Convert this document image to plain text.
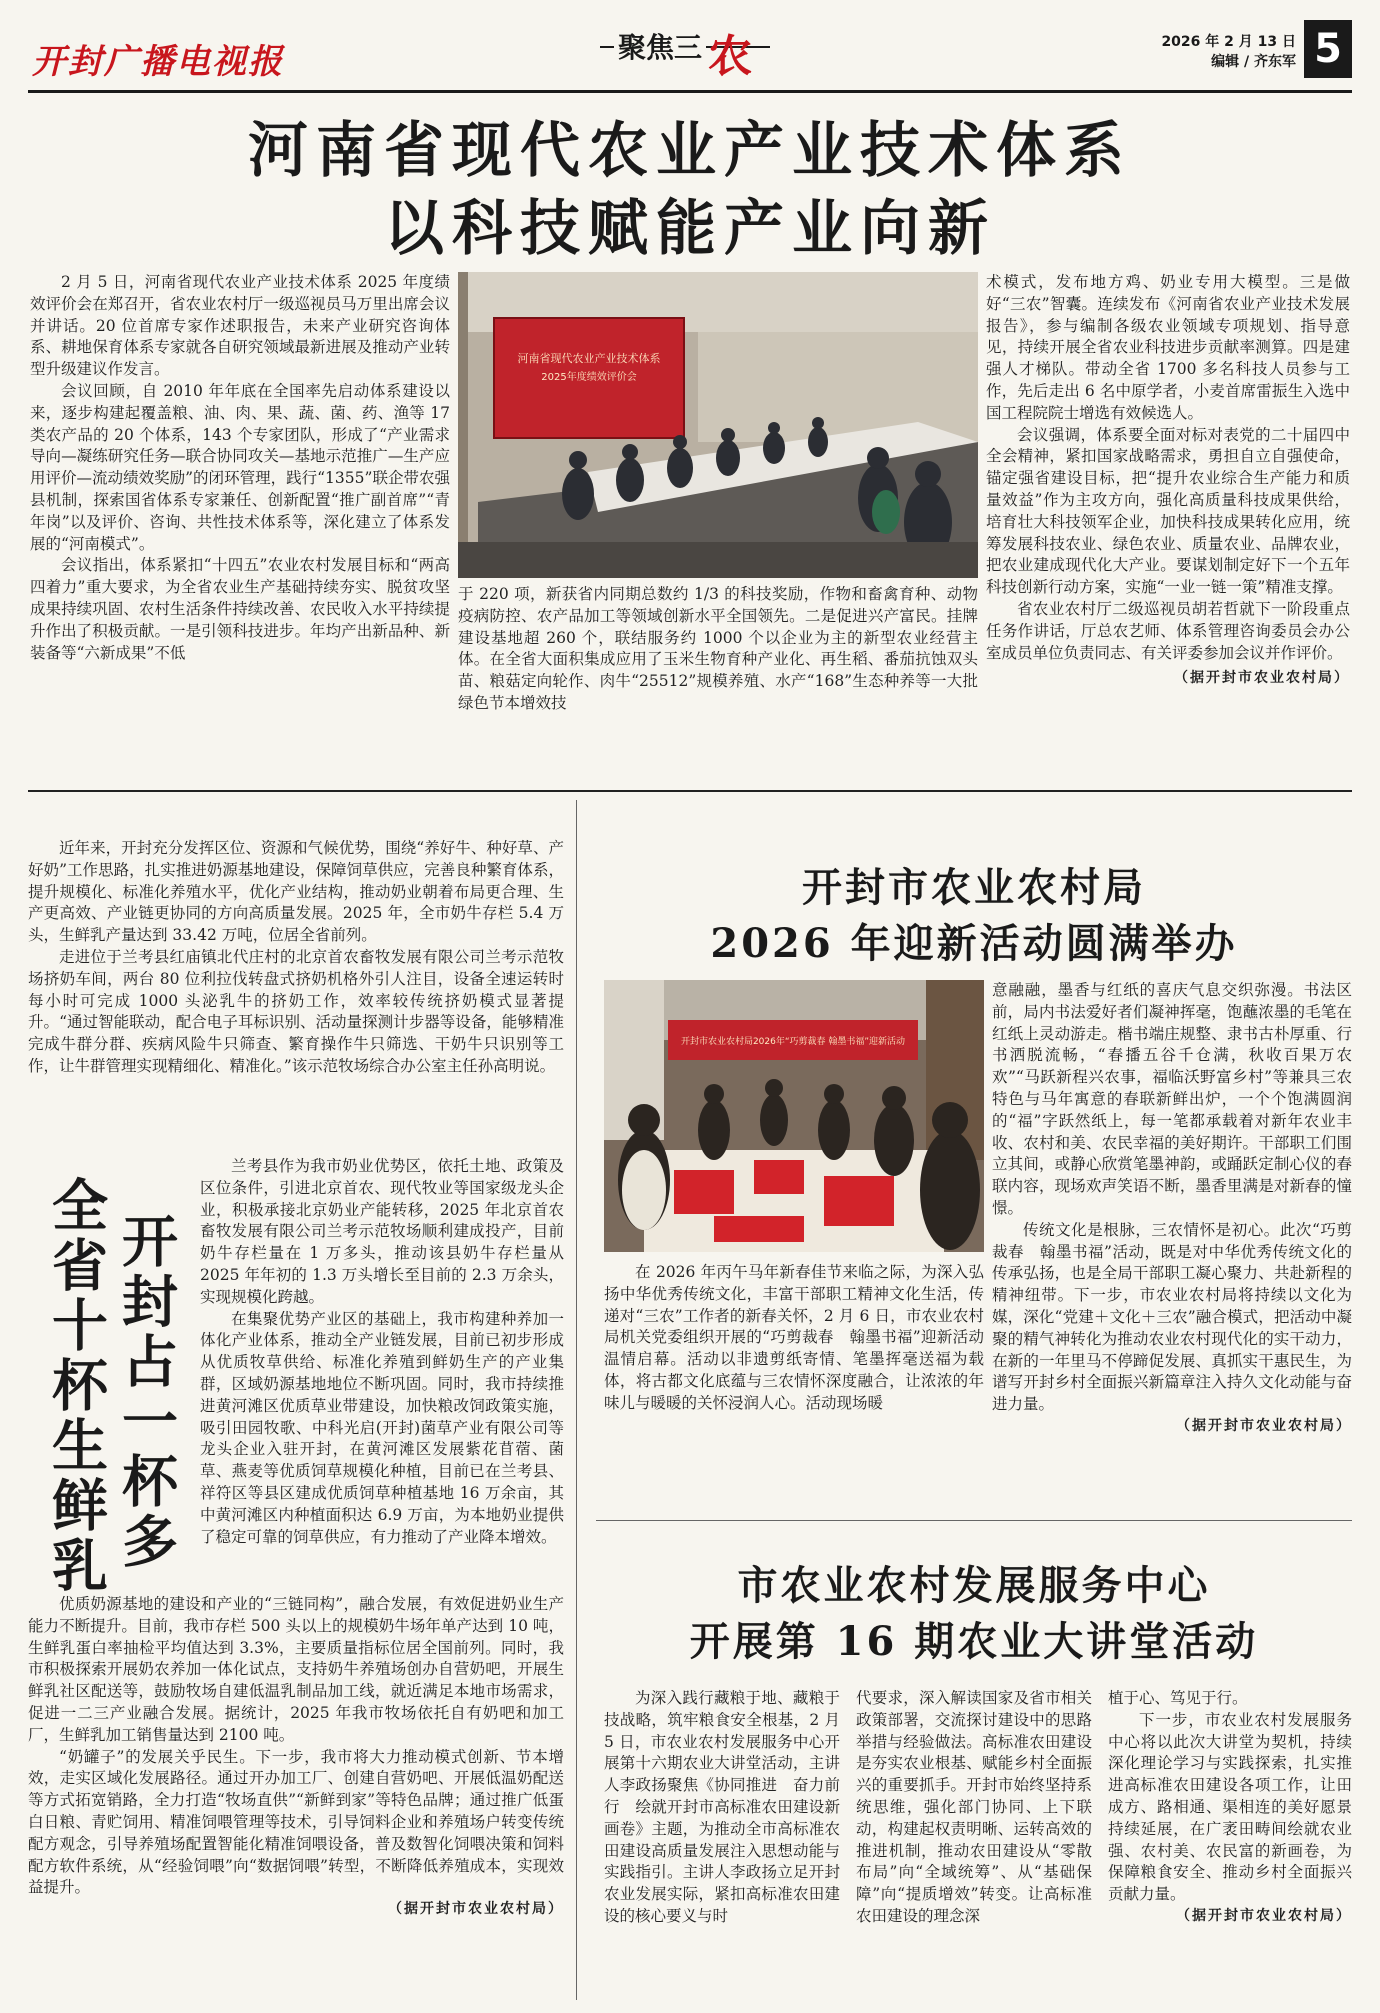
开封广播电视报	聚焦三 农	2026 年 2 月 13 日
编辑 / 齐东军 5
河南省现代农业产业技术体系
以科技赋能产业向新

2 月 5 日，河南省现代农业产业技术体系 2025 年度绩效评价会在郑召开，省农业农村厅一级巡视员马万里出席会议并讲话。20 位首席专家作述职报告，未来产业研究咨询体系、耕地保育体系专家就各自研究领域最新进展及推动产业转型升级建议作发言。

会议回顾，自 2010 年年底在全国率先启动体系建设以来，逐步构建起覆盖粮、油、肉、果、蔬、菌、药、渔等 17 类农产品的 20 个体系，143 个专家团队，形成了“产业需求导向—凝练研究任务—联合协同攻关—基地示范推广—生产应用评价—流动绩效奖励”的闭环管理，践行“1355”联企带农强县机制，探索国省体系专家兼任、创新配置“推广副首席”“青年岗”以及评价、咨询、共性技术体系等，深化建立了体系发展的“河南模式”。

会议指出，体系紧扣“十四五”农业农村发展目标和“两高四着力”重大要求，为全省农业生产基础持续夯实、脱贫攻坚成果持续巩固、农村生活条件持续改善、农民收入水平持续提升作出了积极贡献。一是引领科技进步。年均产出新品种、新装备等“六新成果”不低

河南省现代农业产业技术体系
2025年度绩效评价会

于 220 项，新获省内同期总数约 1/3 的科技奖励，作物和畜禽育种、动物疫病防控、农产品加工等领域创新水平全国领先。二是促进兴产富民。挂牌建设基地超 260 个，联结服务约 1000 个以企业为主的新型农业经营主体。在全省大面积集成应用了玉米生物育种产业化、再生稻、番茄抗蚀双头苗、粮菇定向轮作、肉牛“25512”规模养殖、水产“168”生态种养等一大批绿色节本增效技

术模式，发布地方鸡、奶业专用大模型。三是做好“三农”智囊。连续发布《河南省农业产业技术发展报告》，参与编制各级农业领域专项规划、指导意见，持续开展全省农业科技进步贡献率测算。四是建强人才梯队。带动全省 1700 多名科技人员参与工作，先后走出 6 名中原学者，小麦首席雷振生入选中国工程院院士增选有效候选人。

会议强调，体系要全面对标对表党的二十届四中全会精神，紧扣国家战略需求，勇担自立自强使命，锚定强省建设目标，把“提升农业综合生产能力和质量效益”作为主攻方向，强化高质量科技成果供给，培育壮大科技领军企业，加快科技成果转化应用，统筹发展科技农业、绿色农业、质量农业、品牌农业，把农业建成现代化大产业。要谋划制定好下一个五年科技创新行动方案，实施“一业一链一策”精准支撑。

省农业农村厅二级巡视员胡若哲就下一阶段重点任务作讲话，厅总农艺师、体系管理咨询委员会办公室成员单位负责同志、有关评委参加会议并作评价。

（据开封市农业农村局）

近年来，开封充分发挥区位、资源和气候优势，围绕“养好牛、种好草、产好奶”工作思路，扎实推进奶源基地建设，保障饲草供应，完善良种繁育体系，提升规模化、标准化养殖水平，优化产业结构，推动奶业朝着布局更合理、生产更高效、产业链更协同的方向高质量发展。2025 年，全市奶牛存栏 5.4 万头，生鲜乳产量达到 33.42 万吨，位居全省前列。

走进位于兰考县红庙镇北代庄村的北京首农畜牧发展有限公司兰考示范牧场挤奶车间，两台 80 位利拉伐转盘式挤奶机格外引人注目，设备全速运转时每小时可完成 1000 头泌乳牛的挤奶工作，效率较传统挤奶模式显著提升。“通过智能联动，配合电子耳标识别、活动量探测计步器等设备，能够精准完成牛群分群、疾病风险牛只筛查、繁育操作牛只筛选、干奶牛只识别等工作，让牛群管理实现精细化、精准化。”该示范牧场综合办公室主任孙高明说。

开封占一杯多
全省十杯生鲜乳

兰考县作为我市奶业优势区，依托土地、政策及区位条件，引进北京首农、现代牧业等国家级龙头企业，积极承接北京奶业产能转移，2025 年北京首农畜牧发展有限公司兰考示范牧场顺利建成投产，目前奶牛存栏量在 1 万多头，推动该县奶牛存栏量从 2025 年年初的 1.3 万头增长至目前的 2.3 万余头，实现规模化跨越。

在集聚优势产业区的基础上，我市构建种养加一体化产业体系，推动全产业链发展，目前已初步形成从优质牧草供给、标准化养殖到鲜奶生产的产业集群，区域奶源基地地位不断巩固。同时，我市持续推进黄河滩区优质草业带建设，加快粮改饲政策实施，吸引田园牧歌、中科光启(开封)菌草产业有限公司等龙头企业入驻开封，在黄河滩区发展紫花苜蓿、菌草、燕麦等优质饲草规模化种植，目前已在兰考县、祥符区等县区建成优质饲草种植基地 16 万余亩，其中黄河滩区内种植面积达 6.9 万亩，为本地奶业提供了稳定可靠的饲草供应，有力推动了产业降本增效。

优质奶源基地的建设和产业的“三链同构”，融合发展，有效促进奶业生产能力不断提升。目前，我市存栏 500 头以上的规模奶牛场年单产达到 10 吨，生鲜乳蛋白率抽检平均值达到 3.3%，主要质量指标位居全国前列。同时，我市积极探索开展奶农养加一体化试点，支持奶牛养殖场创办自营奶吧，开展生鲜乳社区配送等，鼓励牧场自建低温乳制品加工线，就近满足本地市场需求，促进一二三产业融合发展。据统计，2025 年我市牧场依托自有奶吧和加工厂，生鲜乳加工销售量达到 2100 吨。

“奶罐子”的发展关乎民生。下一步，我市将大力推动模式创新、节本增效，走实区域化发展路径。通过开办加工厂、创建自营奶吧、开展低温奶配送等方式拓宽销路，全力打造“牧场直供”“新鲜到家”等特色品牌；通过推广低蛋白日粮、青贮饲用、精准饲喂管理等技术，引导饲料企业和养殖场户转变传统配方观念，引导养殖场配置智能化精准饲喂设备，普及数智化饲喂决策和饲料配方软件系统，从“经验饲喂”向“数据饲喂”转型，不断降低养殖成本，实现效益提升。

（据开封市农业农村局）
开封市农业农村局
2026 年迎新活动圆满举办
开封市农业农村局2026年“巧剪裁春 翰墨书福”迎新活动

在 2026 年丙午马年新春佳节来临之际，为深入弘扬中华优秀传统文化，丰富干部职工精神文化生活，传递对“三农”工作者的新春关怀，2 月 6 日，市农业农村局机关党委组织开展的“巧剪裁春　翰墨书福”迎新活动温情启幕。活动以非遗剪纸寄情、笔墨挥毫送福为载体，将古都文化底蕴与三农情怀深度融合，让浓浓的年味儿与暖暖的关怀浸润人心。活动现场暖

意融融，墨香与红纸的喜庆气息交织弥漫。书法区前，局内书法爱好者们凝神挥毫，饱蘸浓墨的毛笔在红纸上灵动游走。楷书端庄规整、隶书古朴厚重、行书洒脱流畅，“春播五谷千仓满，秋收百果万农欢”“马跃新程兴农事，福临沃野富乡村”等兼具三农特色与马年寓意的春联新鲜出炉，一个个饱满圆润的“福”字跃然纸上，每一笔都承载着对新年农业丰收、农村和美、农民幸福的美好期许。干部职工们围立其间，或静心欣赏笔墨神韵，或踊跃定制心仪的春联内容，现场欢声笑语不断，墨香里满是对新春的憧憬。

传统文化是根脉，三农情怀是初心。此次“巧剪裁春　翰墨书福”活动，既是对中华优秀传统文化的传承弘扬，也是全局干部职工凝心聚力、共赴新程的精神纽带。下一步，市农业农村局将持续以文化为媒，深化“党建＋文化＋三农”融合模式，把活动中凝聚的精气神转化为推动农业农村现代化的实干动力，在新的一年里马不停蹄促发展、真抓实干惠民生，为谱写开封乡村全面振兴新篇章注入持久文化动能与奋进力量。

（据开封市农业农村局）
市农业农村发展服务中心
开展第 16 期农业大讲堂活动

为深入践行藏粮于地、藏粮于技战略，筑牢粮食安全根基，2 月 5 日，市农业农村发展服务中心开展第十六期农业大讲堂活动，主讲人李政扬聚焦《协同推进　奋力前行　绘就开封市高标准农田建设新画卷》主题，为推动全市高标准农田建设高质量发展注入思想动能与实践指引。主讲人李政扬立足开封农业发展实际，紧扣高标准农田建设的核心要义与时

代要求，深入解读国家及省市相关政策部署，交流探讨建设中的思路举措与经验做法。高标准农田建设是夯实农业根基、赋能乡村全面振兴的重要抓手。开封市始终坚持系统思维，强化部门协同、上下联动，构建起权责明晰、运转高效的推进机制，推动农田建设从“零散布局”向“全域统筹”、从“基础保障”向“提质增效”转变。让高标准农田建设的理念深

植于心、笃见于行。

下一步，市农业农村发展服务中心将以此次大讲堂为契机，持续深化理论学习与实践探索，扎实推进高标准农田建设各项工作，让田成方、路相通、渠相连的美好愿景持续延展，在广袤田畴间绘就农业强、农村美、农民富的新画卷，为保障粮食安全、推动乡村全面振兴贡献力量。

（据开封市农业农村局）
